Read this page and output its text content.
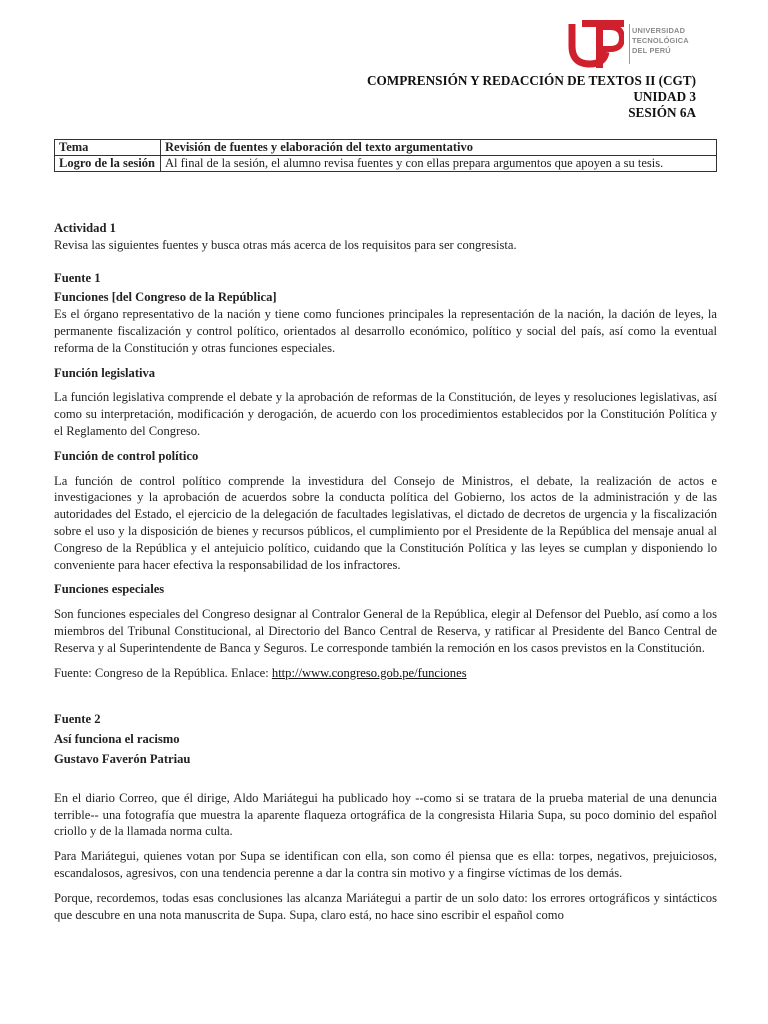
UNIVERSIDAD
TECNOLÓGICA
DEL PERÚ
COMPRENSIÓN Y REDACCIÓN DE TEXTOS II (CGT)
UNIDAD 3
SESIÓN 6A
Tema	Revisión de fuentes y elaboración del texto argumentativo
Logro de la sesión	Al final de la sesión, el alumno revisa fuentes y con ellas prepara argumentos que apoyen a su tesis.

Actividad 1

Revisa las siguientes fuentes y busca otras más acerca de los requisitos para ser congresista.

Fuente 1

Funciones [del Congreso de la República]

Es el órgano representativo de la nación y tiene como funciones principales la representación de la nación, la dación de leyes, la permanente fiscalización y control político, orientados al desarrollo económico, político y social del país, así como la eventual reforma de la Constitución y otras funciones especiales.

Función legislativa

La función legislativa comprende el debate y la aprobación de reformas de la Constitución, de leyes y resoluciones legislativas, así como su interpretación, modificación y derogación, de acuerdo con los procedimientos establecidos por la Constitución Política y el Reglamento del Congreso.

Función de control político

La función de control político comprende la investidura del Consejo de Ministros, el debate, la realización de actos e investigaciones y la aprobación de acuerdos sobre la conducta política del Gobierno, los actos de la administración y de las autoridades del Estado, el ejercicio de la delegación de facultades legislativas, el dictado de decretos de urgencia y la fiscalización sobre el uso y la disposición de bienes y recursos públicos, el cumplimiento por el Presidente de la República del mensaje anual al Congreso de la República y el antejuicio político, cuidando que la Constitución Política y las leyes se cumplan y disponiendo lo conveniente para hacer efectiva la responsabilidad de los infractores.

Funciones especiales

Son funciones especiales del Congreso designar al Contralor General de la República, elegir al Defensor del Pueblo, así como a los miembros del Tribunal Constitucional, al Directorio del Banco Central de Reserva, y ratificar al Presidente del Banco Central de Reserva y al Superintendente de Banca y Seguros. Le corresponde también la remoción en los casos previstos en la Constitución.

Fuente: Congreso de la República. Enlace: http://www.congreso.gob.pe/funciones

Fuente 2

Así funciona el racismo

Gustavo Faverón Patriau

En el diario Correo, que él dirige, Aldo Mariátegui ha publicado hoy --como si se tratara de la prueba material de una denuncia terrible-- una fotografía que muestra la aparente flaqueza ortográfica de la congresista Hilaria Supa, su poco dominio del español criollo y de la llamada norma culta.

Para Mariátegui, quienes votan por Supa se identifican con ella, son como él piensa que es ella: torpes, negativos, prejuiciosos, escandalosos, agresivos, con una tendencia perenne a dar la contra sin motivo y a fingirse víctimas de los demás.

Porque, recordemos, todas esas conclusiones las alcanza Mariátegui a partir de un solo dato: los errores ortográficos y sintácticos que descubre en una nota manuscrita de Supa. Supa, claro está, no hace sino escribir el español como
